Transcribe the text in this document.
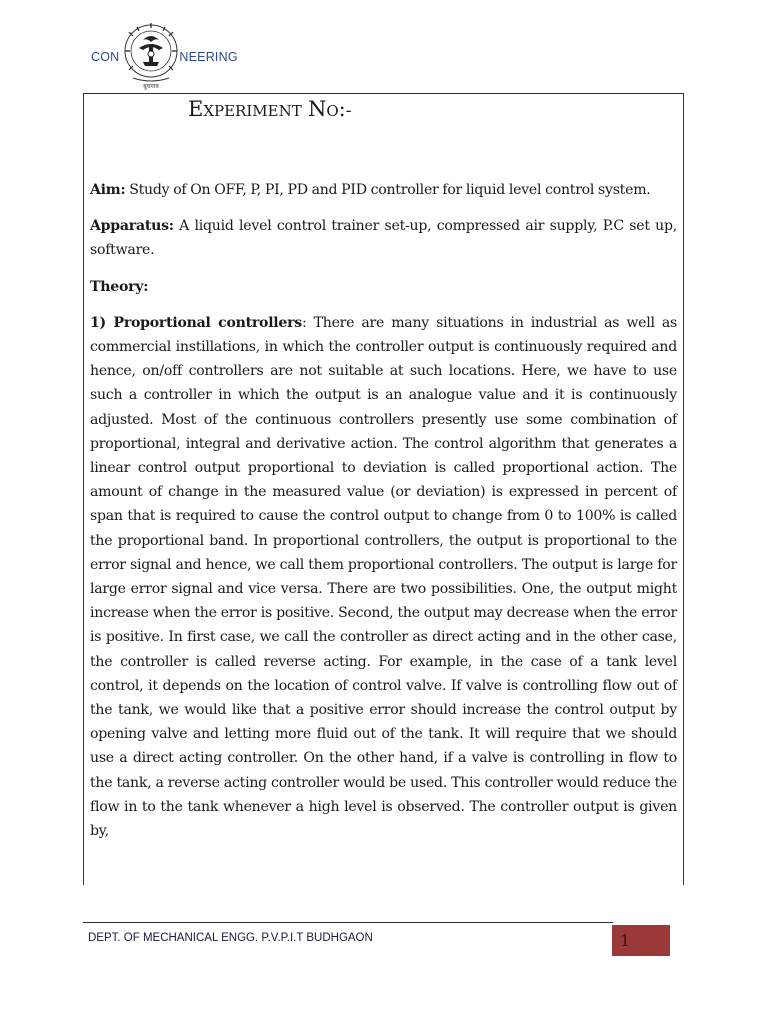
CON	NEERING
बुधगाव
Experiment No:-

Aim: Study of On OFF, P, PI, PD and PID controller for liquid level control system.

Apparatus: A liquid level control trainer set-up, compressed air supply, P.C set up, software.

Theory:

1) Proportional controllers: There are many situations in industrial as well as commercial instillations, in which the controller output is continuously required and hence, on/off controllers are not suitable at such locations. Here, we have to use such a controller in which the output is an analogue value and it is continuously adjusted. Most of the continuous controllers presently use some combination of proportional, integral and derivative action. The control algorithm that generates a linear control output proportional to deviation is called proportional action. The amount of change in the measured value (or deviation) is expressed in percent of span that is required to cause the control output to change from 0 to 100% is called the proportional band. In proportional controllers, the output is proportional to the error signal and hence, we call them proportional controllers. The output is large for large error signal and vice versa. There are two possibilities. One, the output might increase when the error is positive. Second, the output may decrease when the error is positive. In first case, we call the controller as direct acting and in the other case, the controller is called reverse acting. For example, in the case of a tank level control, it depends on the location of control valve. If valve is controlling flow out of the tank, we would like that a positive error should increase the control output by opening valve and letting more fluid out of the tank. It will require that we should use a direct acting controller. On the other hand, if a valve is controlling in flow to the tank, a reverse acting controller would be used. This controller would reduce the flow in to the tank whenever a high level is observed. The controller output is given by,

DEPT. OF MECHANICAL ENGG. P.V.P.I.T BUDHGAON	1
